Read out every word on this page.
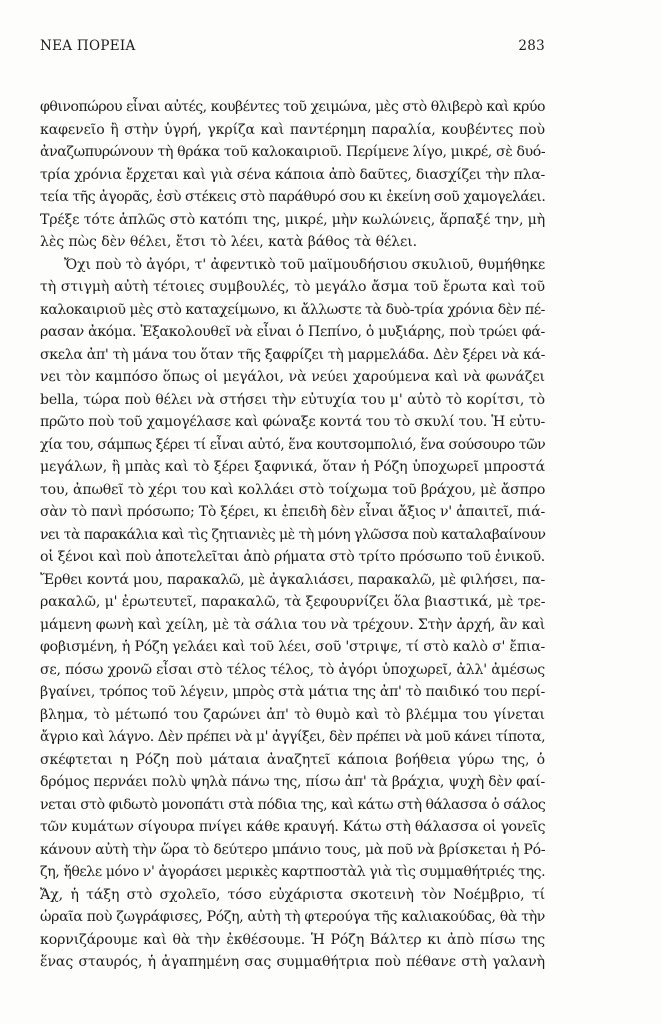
ΝΕΑ ΠΟΡΕΙΑ	283
φθινοπώρου εἶναι αὐτές, κουβέντες τοῦ χειμώνα, μὲς στὸ θλιβερὸ καὶ κρύο
καφενεῖο ἢ στὴν ὑγρή, γκρίζα καὶ παντέρημη παραλία, κουβέντες ποὺ
ἀναζωπυρώνουν τὴ θράκα τοῦ καλοκαιριοῦ. Περίμενε λίγο, μικρέ, σὲ δυό-
τρία χρόνια ἔρχεται καὶ γιὰ σένα κάποια ἀπὸ δαῦτες, διασχίζει τὴν πλα-
τεία τῆς ἀγορᾶς, ἐσὺ στέκεις στὸ παράθυρό σου κι ἐκείνη σοῦ χαμογελάει.
Τρέξε τότε ἁπλῶς στὸ κατόπι της, μικρέ, μὴν κωλώνεις, ἅρπαξέ την, μὴ
λὲς πὼς δὲν θέλει, ἔτσι τὸ λέει, κατὰ βάθος τὰ θέλει.
Ὄχι ποὺ τὸ ἀγόρι, τ' ἀφεντικὸ τοῦ μαϊμουδήσιου σκυλιοῦ, θυμήθηκε
τὴ στιγμὴ αὐτὴ τέτοιες συμβουλές, τὸ μεγάλο ἄσμα τοῦ ἔρωτα καὶ τοῦ
καλοκαιριοῦ μὲς στὸ καταχείμωνο, κι ἄλλωστε τὰ δυὸ-τρία χρόνια δὲν πέ-
ρασαν ἀκόμα. Ἐξακολουθεῖ νὰ εἶναι ὁ Πεπίνο, ὁ μυξιάρης, ποὺ τρώει φά-
σκελα ἀπ' τὴ μάνα του ὅταν τῆς ξαφρίζει τὴ μαρμελάδα. Δὲν ξέρει νὰ κά-
νει τὸν καμπόσο ὅπως οἱ μεγάλοι, νὰ νεύει χαρούμενα καὶ νὰ φωνάζει
bella, τώρα ποὺ θέλει νὰ στήσει τὴν εὐτυχία του μ' αὐτὸ τὸ κορίτσι, τὸ
πρῶτο ποὺ τοῦ χαμογέλασε καὶ φώναξε κοντά του τὸ σκυλί του. Ἡ εὐτυ-
χία του, σάμπως ξέρει τί εἶναι αὐτό, ἕνα κουτσομπολιό, ἕνα σούσουρο τῶν
μεγάλων, ἢ μπὰς καὶ τὸ ξέρει ξαφνικά, ὅταν ἡ Ρόζη ὑποχωρεῖ μπροστά
του, ἀπωθεῖ τὸ χέρι του καὶ κολλάει στὸ τοίχωμα τοῦ βράχου, μὲ ἄσπρο
σὰν τὸ πανὶ πρόσωπο; Τὸ ξέρει, κι ἐπειδὴ δὲν εἶναι ἄξιος ν' ἀπαιτεῖ, πιά-
νει τὰ παρακάλια καὶ τὶς ζητιανιὲς μὲ τὴ μόνη γλῶσσα ποὺ καταλαβαίνουν
οἱ ξένοι καὶ ποὺ ἀποτελεῖται ἀπὸ ρήματα στὸ τρίτο πρόσωπο τοῦ ἑνικοῦ.
Ἔρθει κοντά μου, παρακαλῶ, μὲ ἀγκαλιάσει, παρακαλῶ, μὲ φιλήσει, πα-
ρακαλῶ, μ' ἐρωτευτεῖ, παρακαλῶ, τὰ ξεφουρνίζει ὅλα βιαστικά, μὲ τρε-
μάμενη φωνὴ καὶ χείλη, μὲ τὰ σάλια του νὰ τρέχουν. Στὴν ἀρχή, ἂν καὶ
φοβισμένη, ἡ Ρόζη γελάει καὶ τοῦ λέει, σοῦ 'στριψε, τί στὸ καλὸ σ' ἔπια-
σε, πόσω χρονῶ εἶσαι στὸ τέλος τέλος, τὸ ἀγόρι ὑποχωρεῖ, ἀλλ' ἀμέσως
βγαίνει, τρόπος τοῦ λέγειν, μπρὸς στὰ μάτια της ἀπ' τὸ παιδικό του περί-
βλημα, τὸ μέτωπό του ζαρώνει ἀπ' τὸ θυμὸ καὶ τὸ βλέμμα του γίνεται
ἄγριο καὶ λάγνο. Δὲν πρέπει νὰ μ' ἀγγίξει, δὲν πρέπει νὰ μοῦ κάνει τίποτα,
σκέφτεται η Ρόζη ποὺ μάταια ἀναζητεῖ κάποια βοήθεια γύρω της, ὁ
δρόμος περνάει πολὺ ψηλὰ πάνω της, πίσω ἀπ' τὰ βράχια, ψυχὴ δὲν φαί-
νεται στὸ φιδωτὸ μονοπάτι στὰ πόδια της, καὶ κάτω στὴ θάλασσα ὁ σάλος
τῶν κυμάτων σίγουρα πνίγει κάθε κραυγή. Κάτω στὴ θάλασσα οἱ γονεῖς
κάνουν αὐτὴ τὴν ὥρα τὸ δεύτερο μπάνιο τους, μὰ ποῦ νὰ βρίσκεται ἡ Ρό-
ζη, ἤθελε μόνο ν' ἀγοράσει μερικὲς καρτποστὰλ γιὰ τὶς συμμαθήτριές της.
Ἄχ, ἡ τάξη στὸ σχολεῖο, τόσο εὐχάριστα σκοτεινὴ τὸν Νοέμβριο, τί
ὡραῖα ποὺ ζωγράφισες, Ρόζη, αὐτὴ τὴ φτερούγα τῆς καλιακούδας, θὰ τὴν
κορνιζάρουμε καὶ θὰ τὴν ἐκθέσουμε. Ἡ Ρόζη Βάλτερ κι ἀπὸ πίσω της
ἕνας σταυρός, ἡ ἀγαπημένη σας συμμαθήτρια ποὺ πέθανε στὴ γαλανὴ
